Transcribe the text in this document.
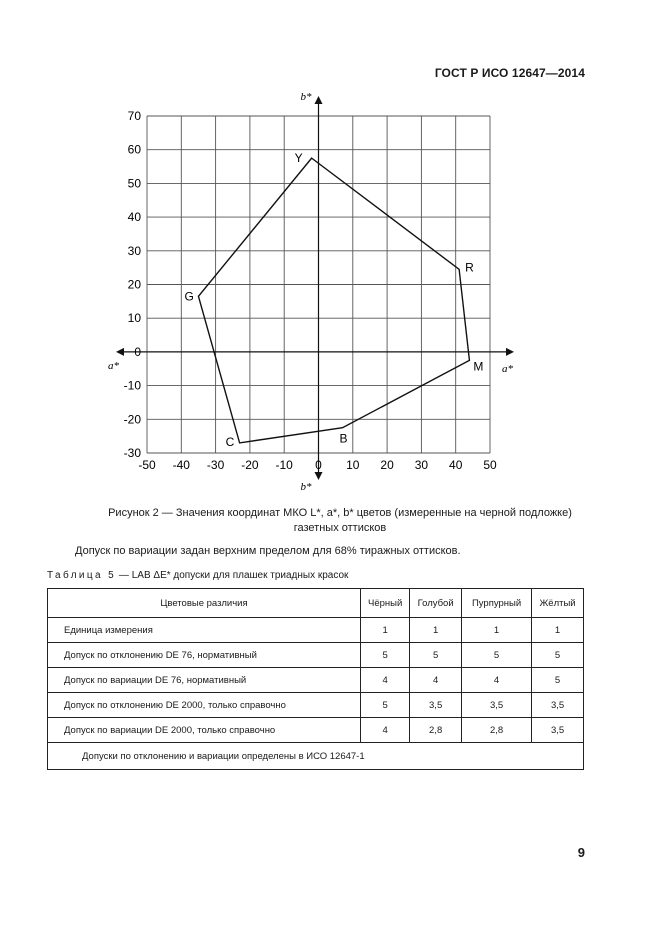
ГОСТ Р ИСО 12647—2014
a*
a*
b*
b*
-50 -40 -30 -20 -10 0 10 20 30 40 50
70
60
50
40
30
20
10
0
-10
-20
-30
Y
R
M
B
C
G
Рисунок 2 — Значения координат МКО L*, a*, b* цветов (измеренные на черной подложке)
газетных оттисков
Допуск по вариации задан верхним пределом для 68% тиражных оттисков.
Таблица 5 — LAB ΔE* допуски для плашек триадных красок
Цветовые различия	Чёрный	Голубой	Пурпурный	Жёлтый
Единица измерения	1	1	1	1
Допуск по отклонению DE 76, нормативный	5	5	5	5
Допуск по вариации DE 76, нормативный	4	4	4	5
Допуск по отклонению DE 2000, только справочно	5	3,5	3,5	3,5
Допуск по вариации DE 2000, только справочно	4	2,8	2,8	3,5
Допуски по отклонению и вариации определены в ИСО 12647-1				
9
